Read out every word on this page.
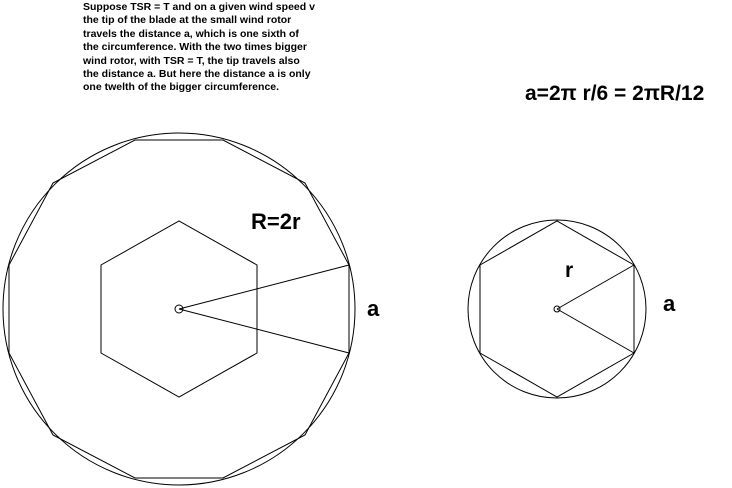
Suppose TSR = T and on a given wind speed v
the tip of the blade at the small wind rotor
travels the distance a, which is one sixth of
the circumference. With the two times bigger
wind rotor, with TSR = T, the tip travels also
the distance a. But here the distance a is only
one twelth of the bigger circumference.	a=2π r/6 = 2πR/12
R=2r
a
r
a
